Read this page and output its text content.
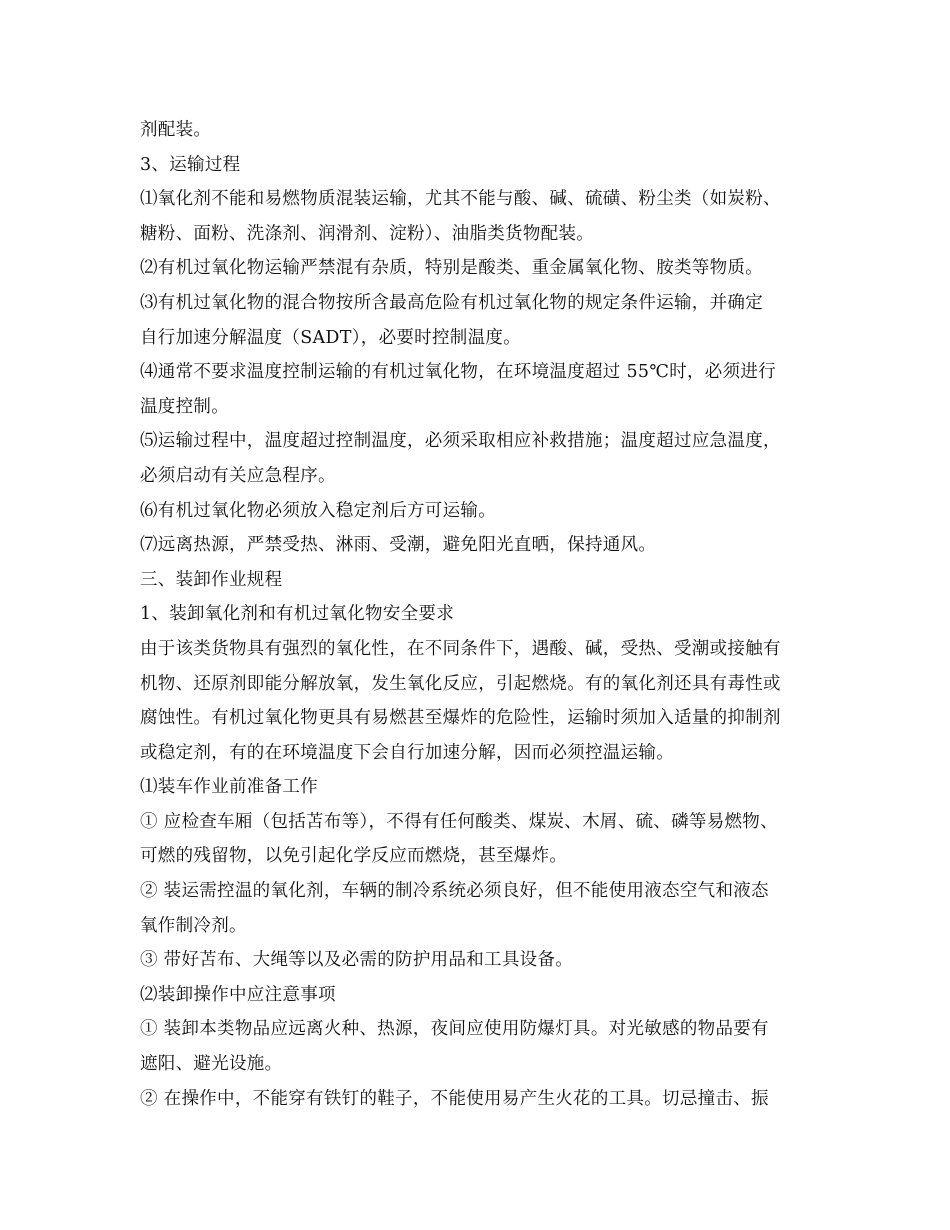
剂配装。
3、运输过程
⑴氧化剂不能和易燃物质混装运输，尤其不能与酸、碱、硫磺、粉尘类（如炭粉、
糖粉、面粉、洗涤剂、润滑剂、淀粉）、油脂类货物配装。
⑵有机过氧化物运输严禁混有杂质，特别是酸类、重金属氧化物、胺类等物质。
⑶有机过氧化物的混合物按所含最高危险有机过氧化物的规定条件运输，并确定
自行加速分解温度（SADT），必要时控制温度。
⑷通常不要求温度控制运输的有机过氧化物，在环境温度超过 55℃时，必须进行
温度控制。
⑸运输过程中，温度超过控制温度，必须采取相应补救措施；温度超过应急温度，
必须启动有关应急程序。
⑹有机过氧化物必须放入稳定剂后方可运输。
⑺远离热源，严禁受热、淋雨、受潮，避免阳光直晒，保持通风。
三、装卸作业规程
1、装卸氧化剂和有机过氧化物安全要求
由于该类货物具有强烈的氧化性，在不同条件下，遇酸、碱，受热、受潮或接触有
机物、还原剂即能分解放氧，发生氧化反应，引起燃烧。有的氧化剂还具有毒性或
腐蚀性。有机过氧化物更具有易燃甚至爆炸的危险性，运输时须加入适量的抑制剂
或稳定剂，有的在环境温度下会自行加速分解，因而必须控温运输。
⑴装车作业前准备工作
① 应检查车厢（包括苫布等），不得有任何酸类、煤炭、木屑、硫、磷等易燃物、
可燃的残留物，以免引起化学反应而燃烧，甚至爆炸。
② 装运需控温的氧化剂，车辆的制冷系统必须良好，但不能使用液态空气和液态
氧作制冷剂。
③ 带好苫布、大绳等以及必需的防护用品和工具设备。
⑵装卸操作中应注意事项
① 装卸本类物品应远离火种、热源，夜间应使用防爆灯具。对光敏感的物品要有
遮阳、避光设施。
② 在操作中，不能穿有铁钉的鞋子，不能使用易产生火花的工具。切忌撞击、振
